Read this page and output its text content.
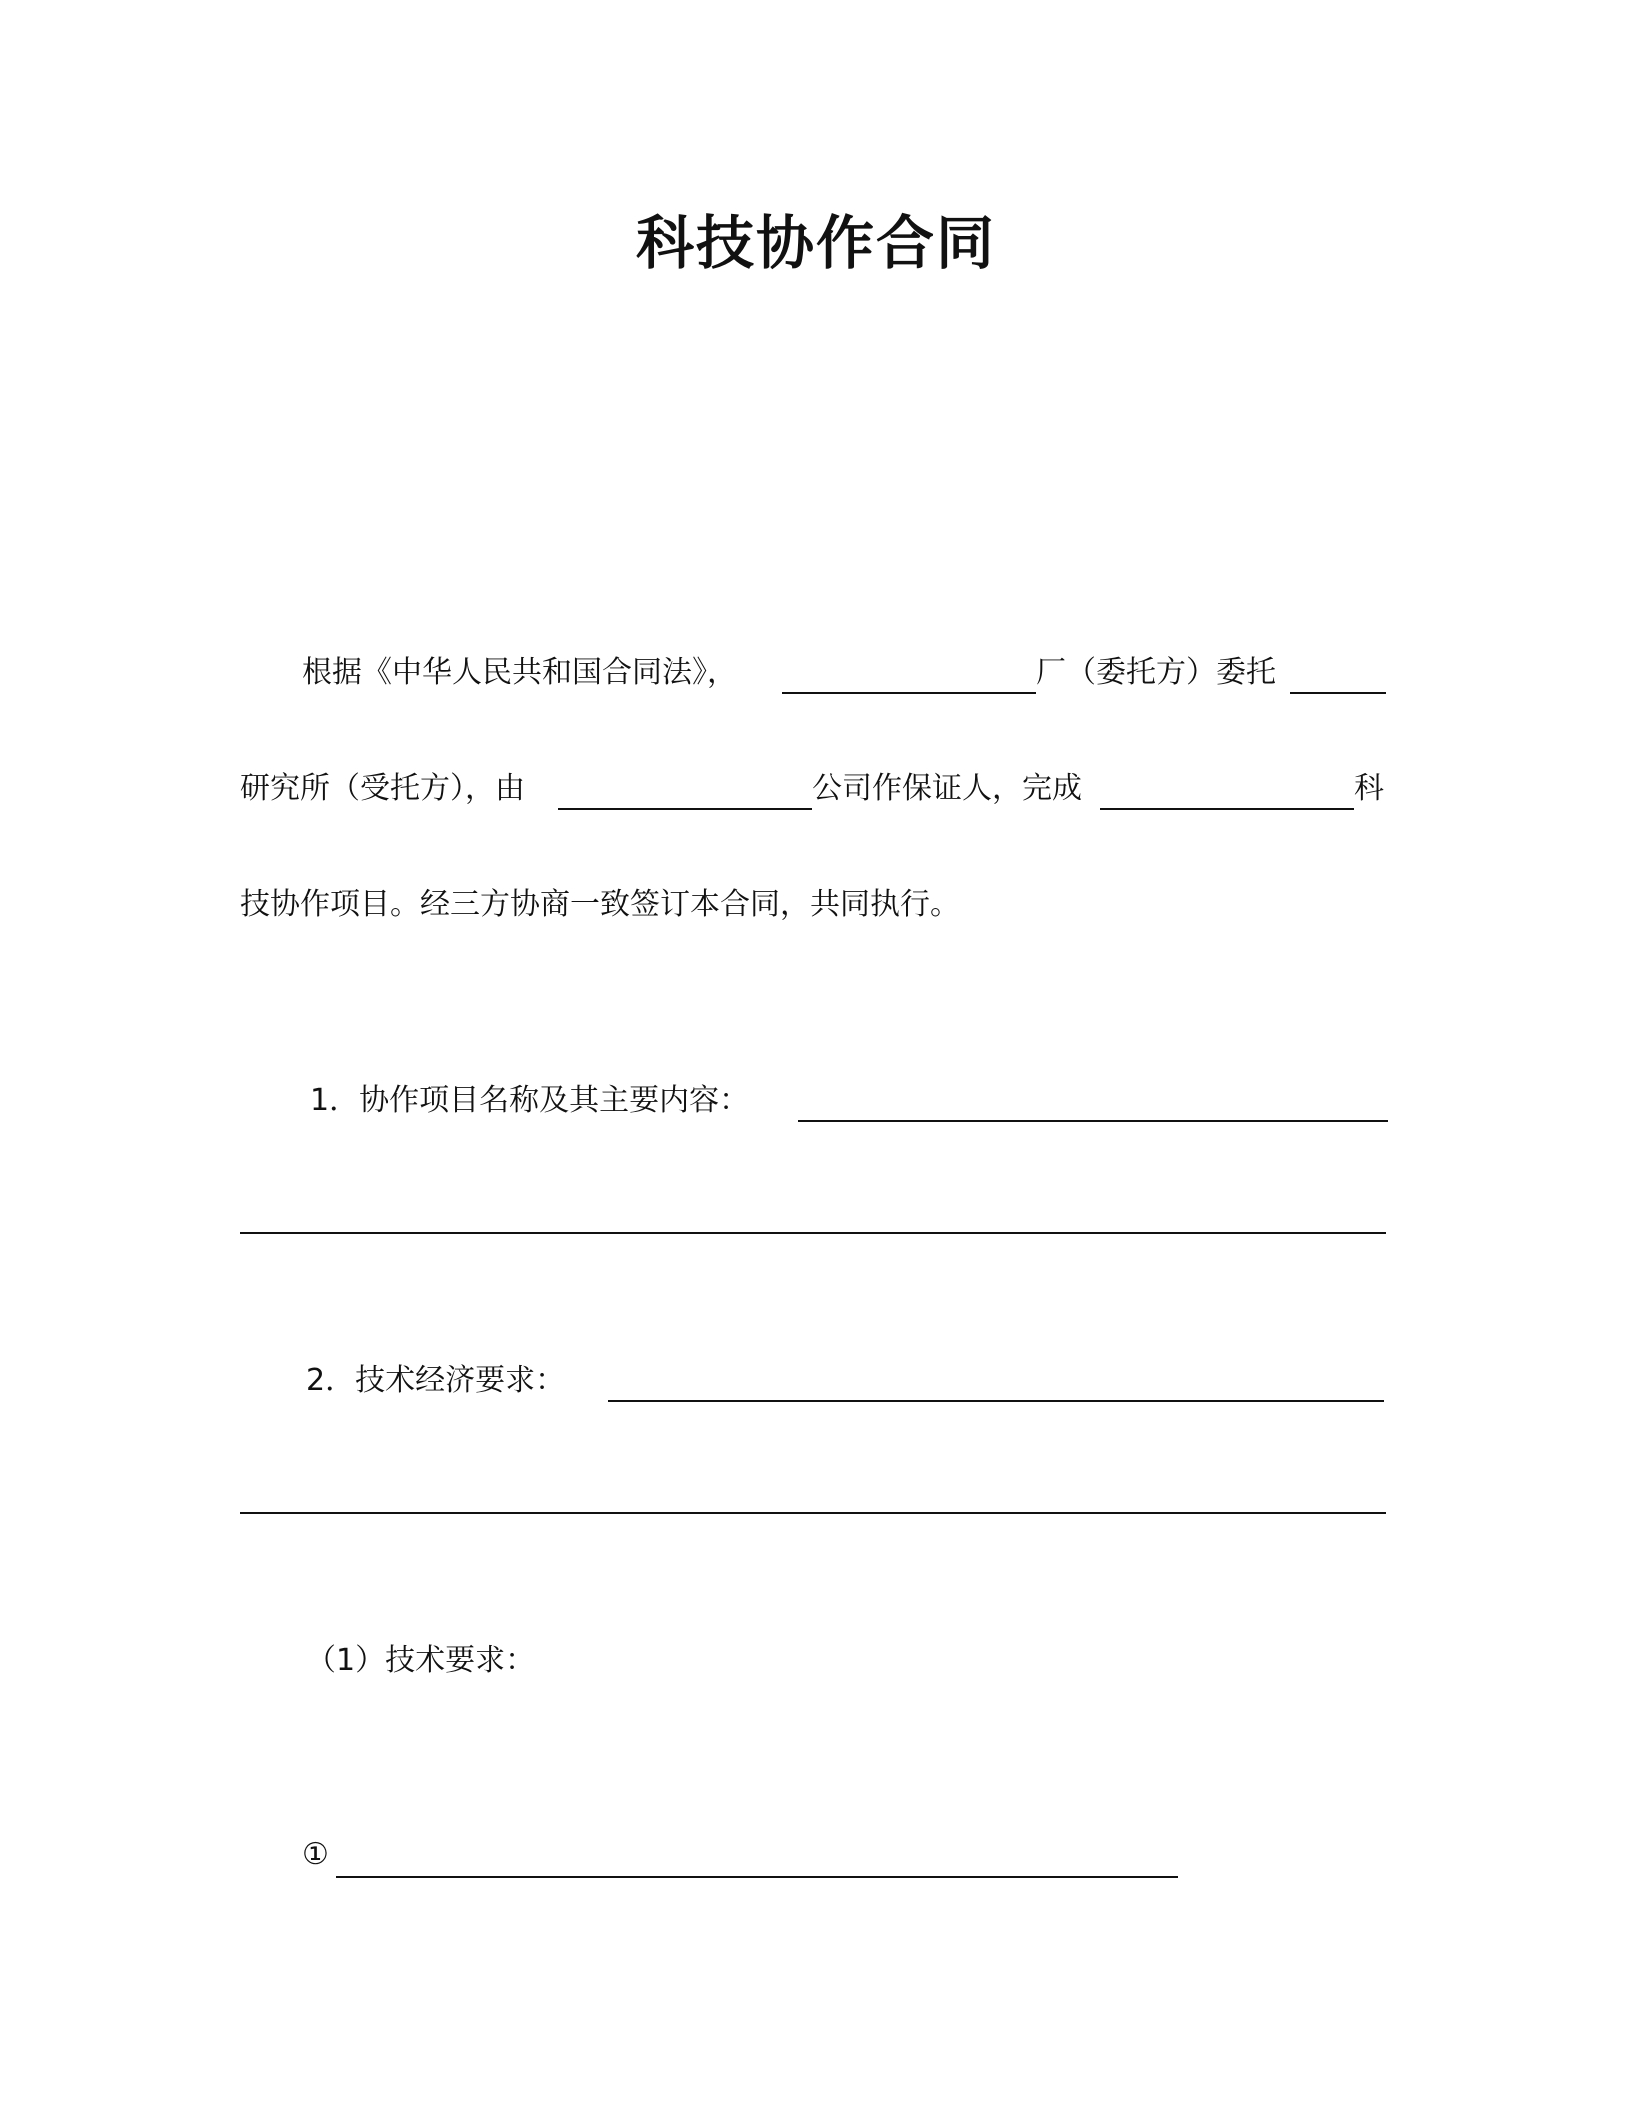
科技协作合同
根据《中华人民共和国合同法》，	厂（委托方）委托
研究所（受托方），由	公司作保证人，完成	科
技协作项目。经三方协商一致签订本合同，共同执行。
1．协作项目名称及其主要内容：
2．技术经济要求：
（1）技术要求：
①
